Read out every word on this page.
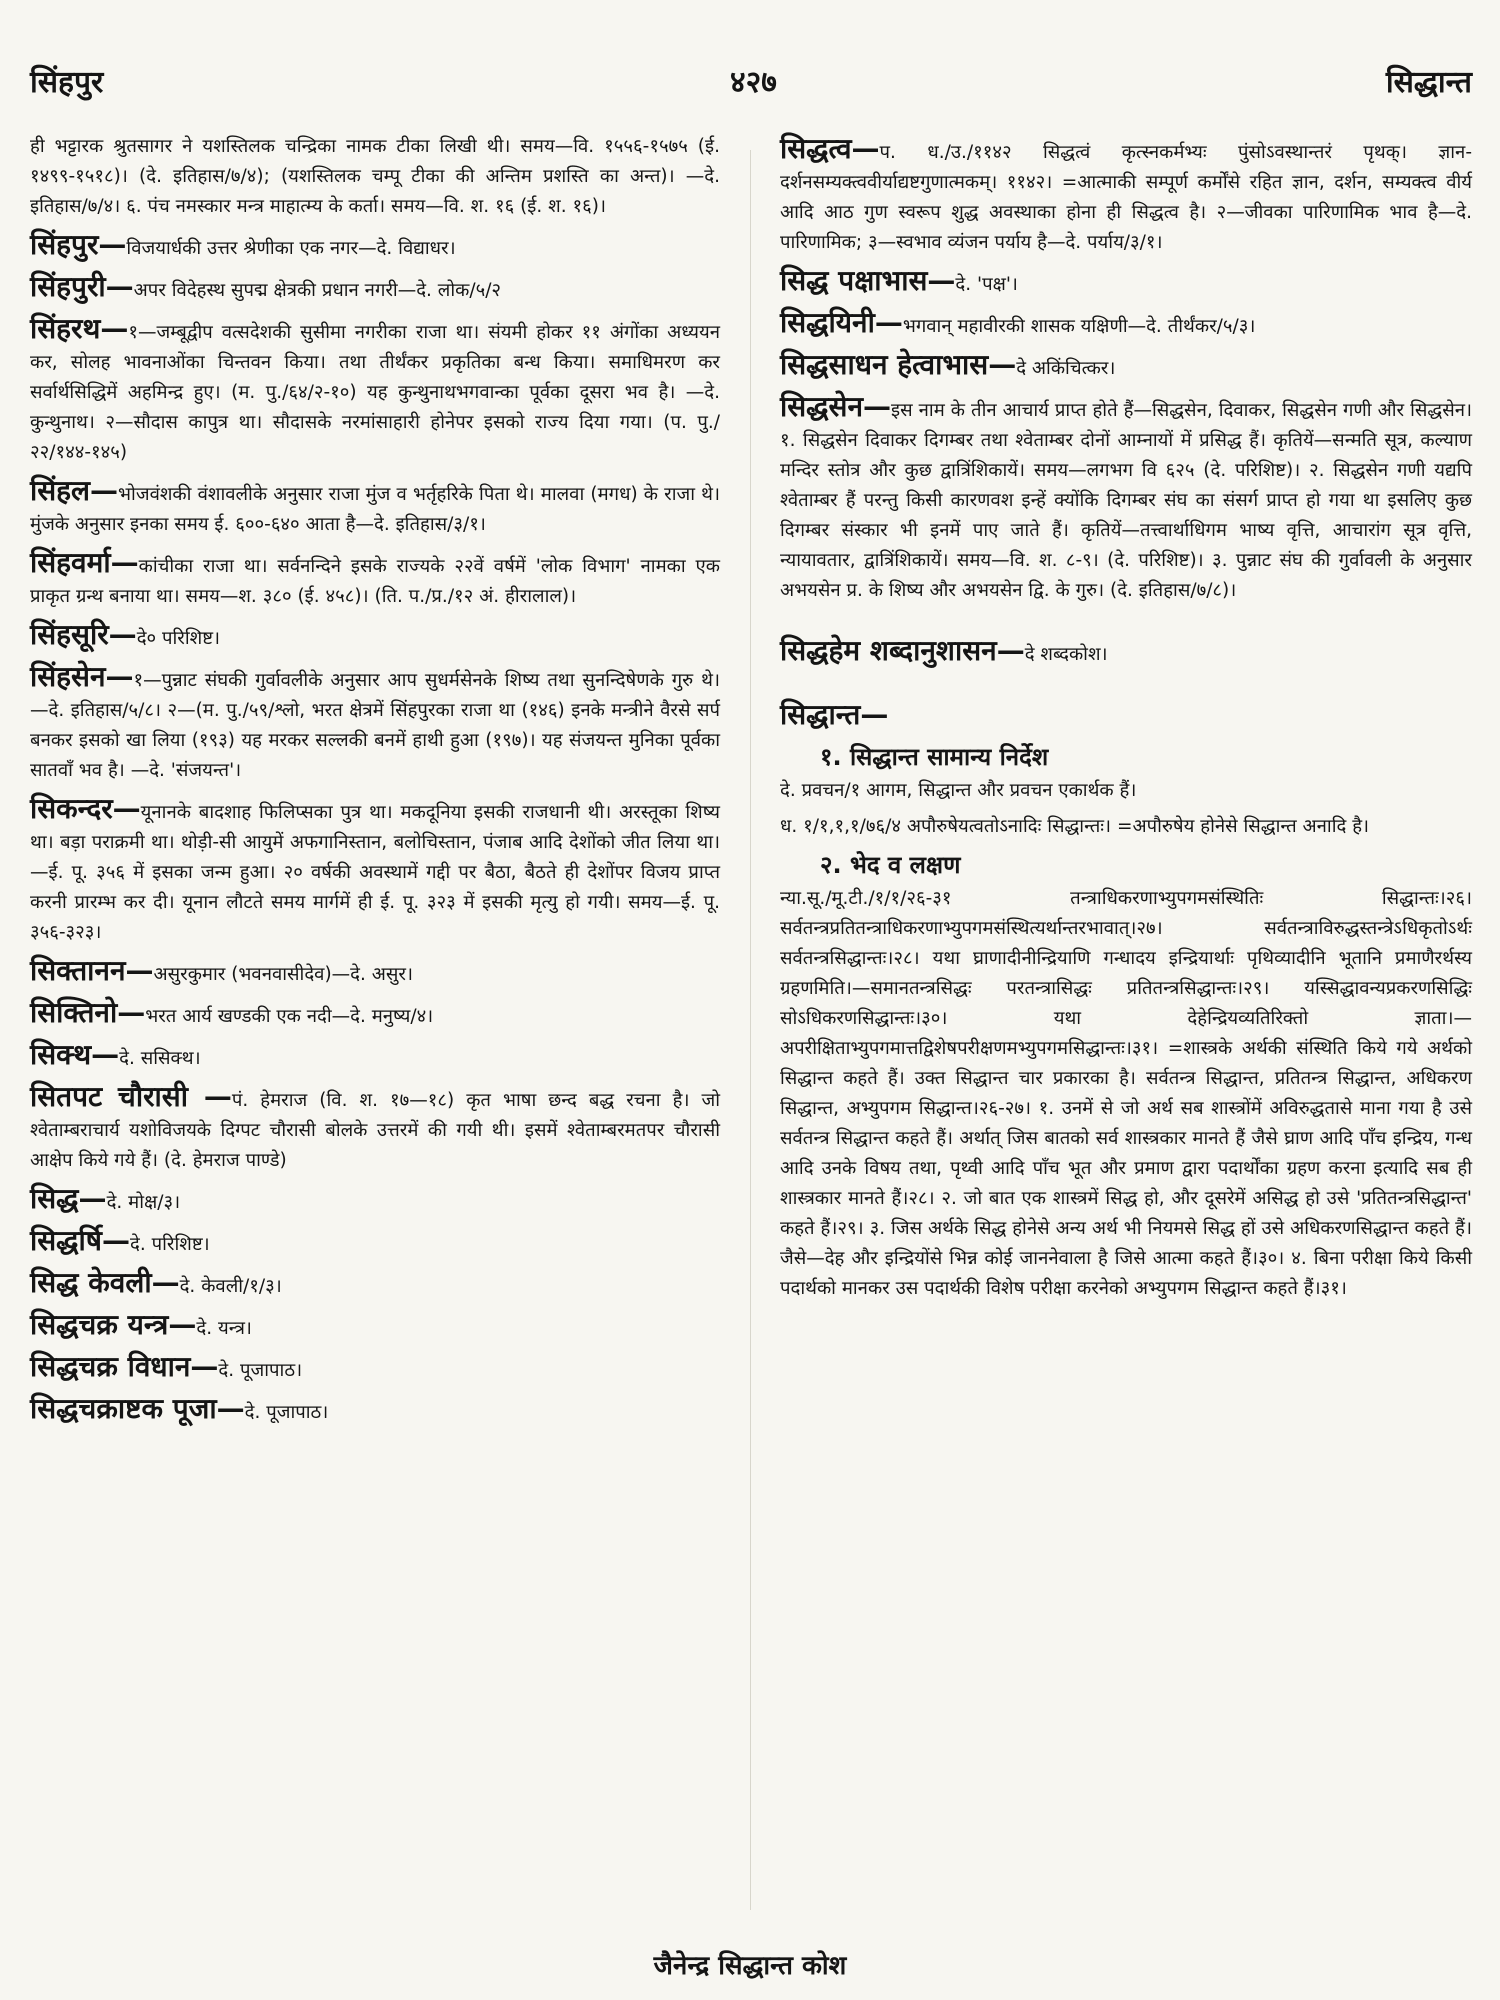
सिंहपुर	४२७	सिद्धान्त
ही भट्टारक श्रुतसागर ने यशस्तिलक चन्द्रिका नामक टीका लिखी थी। समय—वि. १५५६-१५७५ (ई. १४९९-१५१८)। (दे. इतिहास/७/४); (यशस्तिलक चम्पू टीका की अन्तिम प्रशस्ति का अन्त)। —दे. इतिहास/७/४। ६. पंच नमस्कार मन्त्र माहात्म्य के कर्ता। समय—वि. श. १६ (ई. श. १६)।
सिंहपुर—विजयार्धकी उत्तर श्रेणीका एक नगर—दे. विद्याधर।
सिंहपुरी—अपर विदेहस्थ सुपद्म क्षेत्रकी प्रधान नगरी—दे. लोक/५/२
सिंहरथ—१—जम्बूद्वीप वत्सदेशकी सुसीमा नगरीका राजा था। संयमी होकर ११ अंगोंका अध्ययन कर, सोलह भावनाओंका चिन्तवन किया। तथा तीर्थंकर प्रकृतिका बन्ध किया। समाधिमरण कर सर्वार्थसिद्धिमें अहमिन्द्र हुए। (म. पु./६४/२-१०) यह कुन्थुनाथभगवान्का पूर्वका दूसरा भव है। —दे. कुन्थुनाथ। २—सौदास कापुत्र था। सौदासके नरमांसाहारी होनेपर इसको राज्य दिया गया। (प. पु./२२/१४४-१४५)
सिंहल—भोजवंशकी वंशावलीके अनुसार राजा मुंज व भर्तृहरिके पिता थे। मालवा (मगध) के राजा थे। मुंजके अनुसार इनका समय ई. ६००-६४० आता है—दे. इतिहास/३/१।
सिंहवर्मा—कांचीका राजा था। सर्वनन्दिने इसके राज्यके २२वें वर्षमें 'लोक विभाग' नामका एक प्राकृत ग्रन्थ बनाया था। समय—श. ३८० (ई. ४५८)। (ति. प./प्र./१२ अं. हीरालाल)।
सिंहसूरि—दे० परिशिष्ट।
सिंहसेन—१—पुन्नाट संघकी गुर्वावलीके अनुसार आप सुधर्मसेनके शिष्य तथा सुनन्दिषेणके गुरु थे। —दे. इतिहास/५/८। २—(म. पु./५९/श्लो, भरत क्षेत्रमें सिंहपुरका राजा था (१४६) इनके मन्त्रीने वैरसे सर्प बनकर इसको खा लिया (१९३) यह मरकर सल्लकी बनमें हाथी हुआ (१९७)। यह संजयन्त मुनिका पूर्वका सातवाँ भव है। —दे. 'संजयन्त'।
सिकन्दर—यूनानके बादशाह फिलिप्सका पुत्र था। मकदूनिया इसकी राजधानी थी। अरस्तूका शिष्य था। बड़ा पराक्रमी था। थोड़ी-सी आयुमें अफगानिस्तान, बलोचिस्तान, पंजाब आदि देशोंको जीत लिया था। —ई. पू. ३५६ में इसका जन्म हुआ। २० वर्षकी अवस्थामें गद्दी पर बैठा, बैठते ही देशोंपर विजय प्राप्त करनी प्रारम्भ कर दी। यूनान लौटते समय मार्गमें ही ई. पू. ३२३ में इसकी मृत्यु हो गयी। समय—ई. पू. ३५६-३२३।
सिक्तानन—असुरकुमार (भवनवासीदेव)—दे. असुर।
सिक्तिनो—भरत आर्य खण्डकी एक नदी—दे. मनुष्य/४।
सिक्थ—दे. ससिक्थ।
सितपट चौरासी —पं. हेमराज (वि. श. १७—१८) कृत भाषा छन्द बद्ध रचना है। जो श्वेताम्बराचार्य यशोविजयके दिग्पट चौरासी बोलके उत्तरमें की गयी थी। इसमें श्वेताम्बरमतपर चौरासी आक्षेप किये गये हैं। (दे. हेमराज पाण्डे)
सिद्ध—दे. मोक्ष/३।
सिद्धर्षि—दे. परिशिष्ट।
सिद्ध केवली—दे. केवली/१/३।
सिद्धचक्र यन्त्र—दे. यन्त्र।
सिद्धचक्र विधान—दे. पूजापाठ।
सिद्धचक्राष्टक पूजा—दे. पूजापाठ।
सिद्धत्व—प. ध./उ./११४२ सिद्धत्वं कृत्स्नकर्मभ्यः पुंसोऽवस्थान्तरं पृथक्। ज्ञान-दर्शनसम्यक्त्ववीर्याद्यष्टगुणात्मकम्। ११४२। =आत्माकी सम्पूर्ण कर्मोंसे रहित ज्ञान, दर्शन, सम्यक्त्व वीर्य आदि आठ गुण स्वरूप शुद्ध अवस्थाका होना ही सिद्धत्व है। २—जीवका पारिणामिक भाव है—दे. पारिणामिक; ३—स्वभाव व्यंजन पर्याय है—दे. पर्याय/३/१।
सिद्ध पक्षाभास—दे. 'पक्ष'।
सिद्धयिनी—भगवान् महावीरकी शासक यक्षिणी—दे. तीर्थंकर/५/३।
सिद्धसाधन हेत्वाभास—दे अकिंचित्कर।
सिद्धसेन—इस नाम के तीन आचार्य प्राप्त होते हैं—सिद्धसेन, दिवाकर, सिद्धसेन गणी और सिद्धसेन। १. सिद्धसेन दिवाकर दिगम्बर तथा श्वेताम्बर दोनों आम्नायों में प्रसिद्ध हैं। कृतियें—सन्मति सूत्र, कल्याण मन्दिर स्तोत्र और कुछ द्वात्रिंशिकायें। समय—लगभग वि ६२५ (दे. परिशिष्ट)। २. सिद्धसेन गणी यद्यपि श्वेताम्बर हैं परन्तु किसी कारणवश इन्हें क्योंकि दिगम्बर संघ का संसर्ग प्राप्त हो गया था इसलिए कुछ दिगम्बर संस्कार भी इनमें पाए जाते हैं। कृतियें—तत्त्वार्थाधिगम भाष्य वृत्ति, आचारांग सूत्र वृत्ति, न्यायावतार, द्वात्रिंशिकायें। समय—वि. श. ८-९। (दे. परिशिष्ट)। ३. पुन्नाट संघ की गुर्वावली के अनुसार अभयसेन प्र. के शिष्य और अभयसेन द्वि. के गुरु। (दे. इतिहास/७/८)।
सिद्धहेम शब्दानुशासन—दे शब्दकोश।
सिद्धान्त—
१. सिद्धान्त सामान्य निर्देश
दे. प्रवचन/१ आगम, सिद्धान्त और प्रवचन एकार्थक हैं।
ध. १/१,१,१/७६/४ अपौरुषेयत्वतोऽनादिः सिद्धान्तः। =अपौरुषेय होनेसे सिद्धान्त अनादि है।
२. भेद व लक्षण
न्या.सू./मू.टी./१/१/२६-३१ तन्त्राधिकरणाभ्युपगमसंस्थितिः सिद्धान्तः।२६। सर्वतन्त्रप्रतितन्त्राधिकरणाभ्युपगमसंस्थित्यर्थान्तरभावात्।२७। सर्वतन्त्राविरुद्धस्तन्त्रेऽधिकृतोऽर्थः सर्वतन्त्रसिद्धान्तः।२८। यथा घ्राणादीनीन्द्रियाणि गन्धादय इन्द्रियार्थाः पृथिव्यादीनि भूतानि प्रमाणैरर्थस्य ग्रहणमिति।—समानतन्त्रसिद्धः परतन्त्रासिद्धः प्रतितन्त्रसिद्धान्तः।२९। यस्सिद्धावन्यप्रकरणसिद्धिः सोऽधिकरणसिद्धान्तः।३०। यथा देहेन्द्रियव्यतिरिक्तो ज्ञाता।—अपरीक्षिताभ्युपगमात्तद्विशेषपरीक्षणमभ्युपगमसिद्धान्तः।३१। =शास्त्रके अर्थकी संस्थिति किये गये अर्थको सिद्धान्त कहते हैं। उक्त सिद्धान्त चार प्रकारका है। सर्वतन्त्र सिद्धान्त, प्रतितन्त्र सिद्धान्त, अधिकरण सिद्धान्त, अभ्युपगम सिद्धान्त।२६-२७। १. उनमें से जो अर्थ सब शास्त्रोंमें अविरुद्धतासे माना गया है उसे सर्वतन्त्र सिद्धान्त कहते हैं। अर्थात् जिस बातको सर्व शास्त्रकार मानते हैं जैसे घ्राण आदि पाँच इन्द्रिय, गन्ध आदि उनके विषय तथा, पृथ्वी आदि पाँच भूत और प्रमाण द्वारा पदार्थोंका ग्रहण करना इत्यादि सब ही शास्त्रकार मानते हैं।२८। २. जो बात एक शास्त्रमें सिद्ध हो, और दूसरेमें असिद्ध हो उसे 'प्रतितन्त्रसिद्धान्त' कहते हैं।२९। ३. जिस अर्थके सिद्ध होनेसे अन्य अर्थ भी नियमसे सिद्ध हों उसे अधिकरणसिद्धान्त कहते हैं। जैसे—देह और इन्द्रियोंसे भिन्न कोई जाननेवाला है जिसे आत्मा कहते हैं।३०। ४. बिना परीक्षा किये किसी पदार्थको मानकर उस पदार्थकी विशेष परीक्षा करनेको अभ्युपगम सिद्धान्त कहते हैं।३१।
जैनेन्द्र सिद्धान्त कोश
